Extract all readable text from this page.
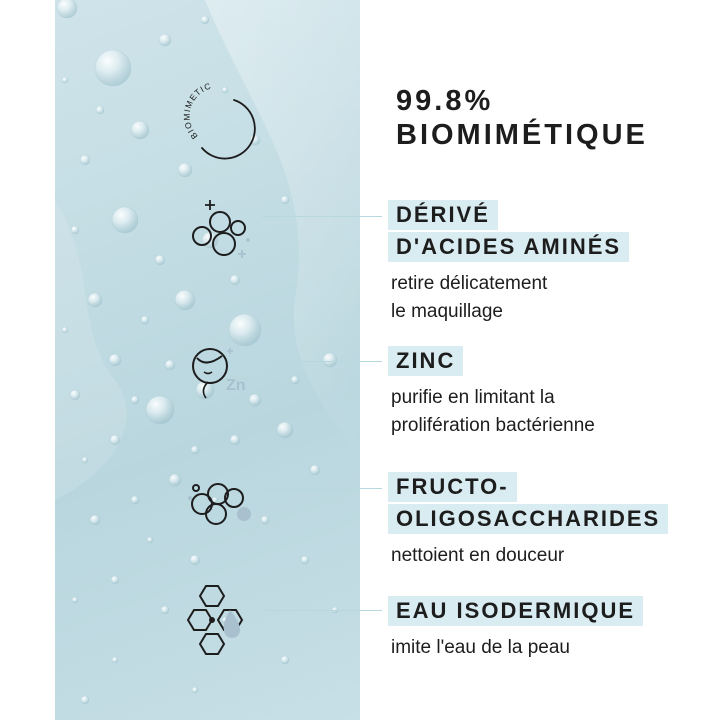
BIOMIMETIC
Zn
99.8%
BIOMIMÉTIQUE
DÉRIVÉ
D'ACIDES AMINÉS
retire délicatement
le maquillage
ZINC
purifie en limitant la
prolifération bactérienne
FRUCTO-
OLIGOSACCHARIDES
nettoient en douceur
EAU ISODERMIQUE
imite l'eau de la peau
